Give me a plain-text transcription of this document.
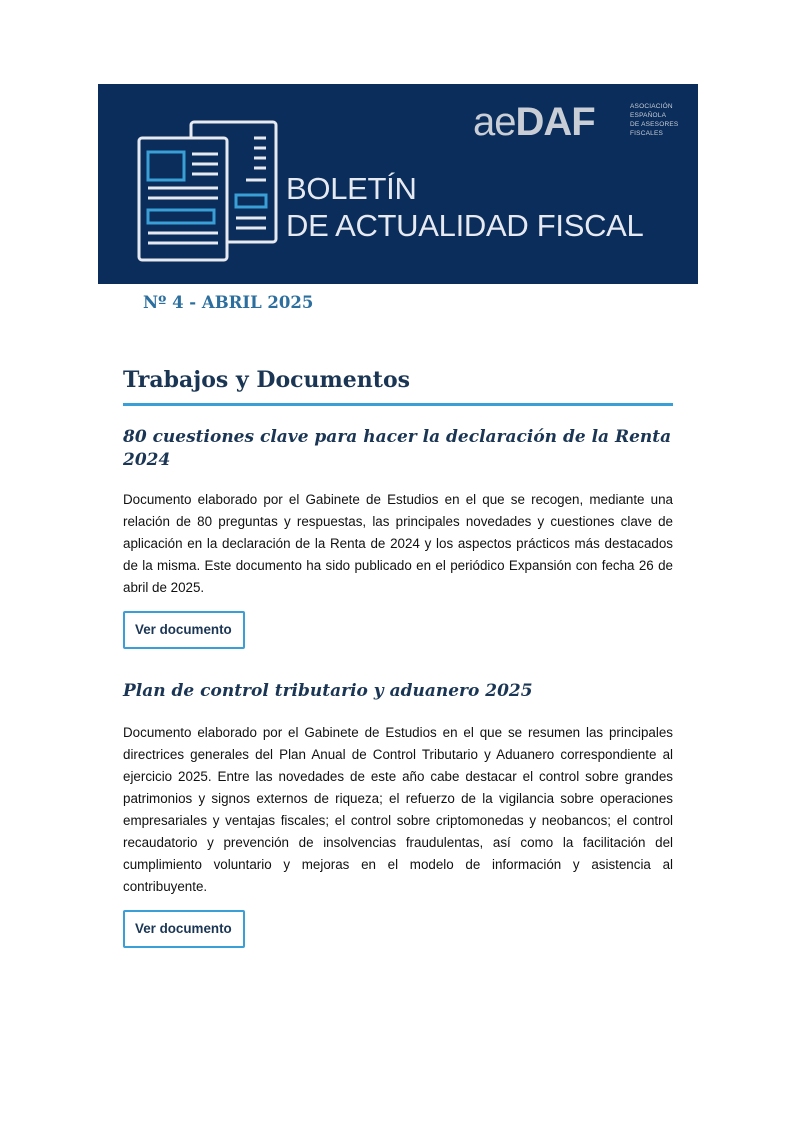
aeDAF	ASOCIACIÓN
ESPAÑOLA
DE ASESORES
FISCALES
BOLETÍN
DE ACTUALIDAD FISCAL
Nº 4 - ABRIL 2025
Trabajos y Documentos
80 cuestiones clave para hacer la declaración de la Renta 2024

Documento elaborado por el Gabinete de Estudios en el que se recogen, mediante una relación de 80 preguntas y respuestas, las principales novedades y cuestiones clave de aplicación en la declaración de la Renta de 2024 y los aspectos prácticos más destacados de la misma. Este documento ha sido publicado en el periódico Expansión con fecha 26 de abril de 2025.

Ver documento
Plan de control tributario y aduanero 2025

Documento elaborado por el Gabinete de Estudios en el que se resumen las principales directrices generales del Plan Anual de Control Tributario y Aduanero correspondiente al ejercicio 2025. Entre las novedades de este año cabe destacar el control sobre grandes patrimonios y signos externos de riqueza; el refuerzo de la vigilancia sobre operaciones empresariales y ventajas fiscales; el control sobre criptomonedas y neobancos; el control recaudatorio y prevención de insolvencias fraudulentas, así como la facilitación del cumplimiento voluntario y mejoras en el modelo de información y asistencia al contribuyente.

Ver documento
